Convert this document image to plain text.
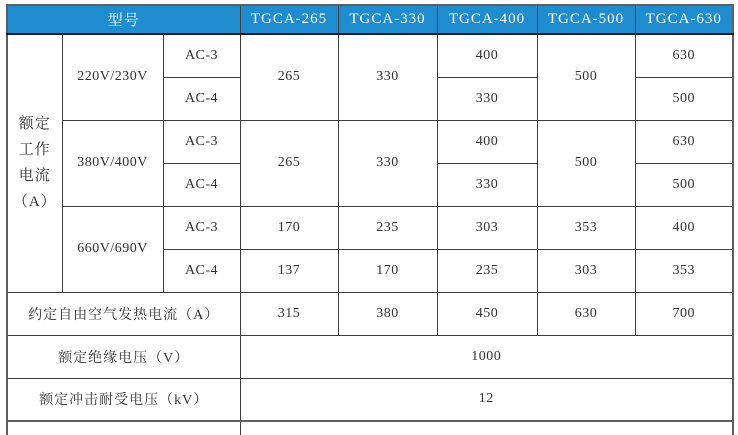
型号			TGCA-265	TGCA-330	TGCA-400	TGCA-500	TGCA-630

额定
工作
电流
（A）	220V/230V	AC-3	265	330	400	500	630
		AC-4			330		500
	380V/400V	AC-3	265	330	400	500	630
		AC-4			330		500
	660V/690V	AC-3	170	235	303	353	400
		AC-4	137	170	235	303	353
约定自由空气发热电流（A）			315	380	450	630	700
额定绝缘电压（V）			1000				
额定冲击耐受电压（kV）			12				
